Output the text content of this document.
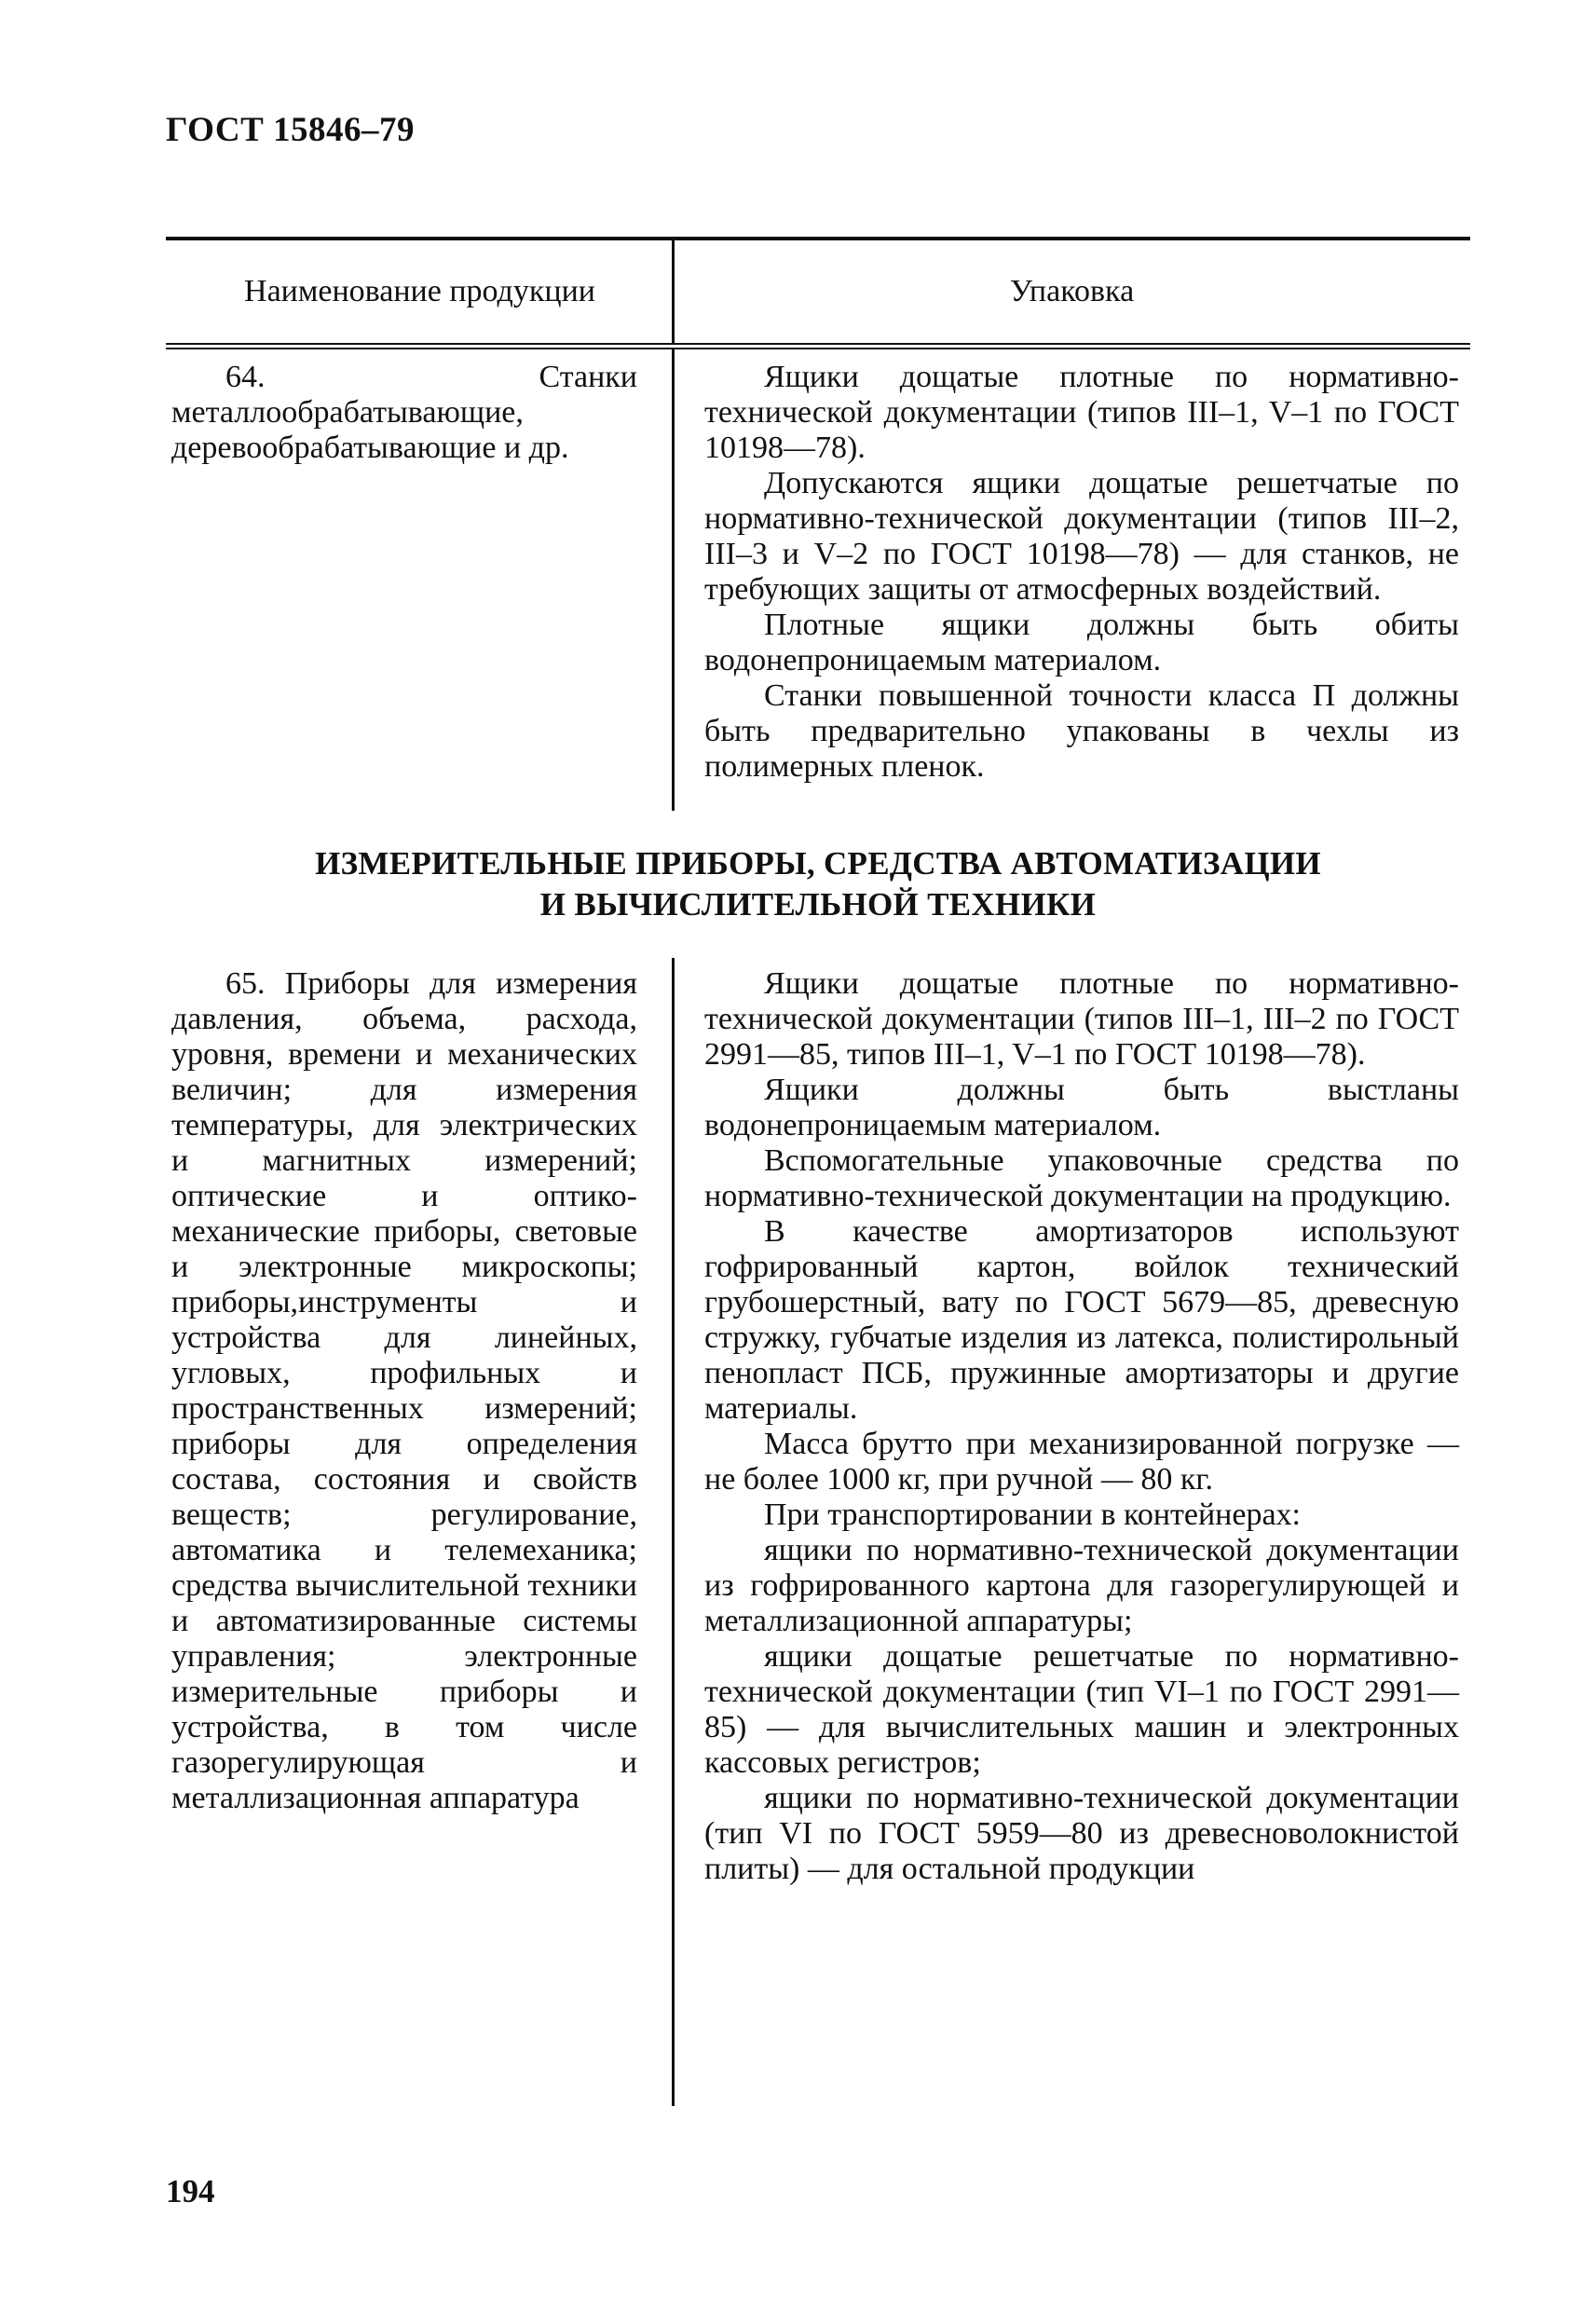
ГОСТ 15846–79
Наименование продукции	Упаковка

64. Станки металлообрабатывающие, деревообрабатывающие и др.

Ящики дощатые плотные по нормативно-технической документации (типов III–1, V–1 по ГОСТ 10198—78).

Допускаются ящики дощатые решетчатые по нормативно-технической документации (типов III–2, III–3 и V–2 по ГОСТ 10198—78) — для станков, не требующих защиты от атмосферных воздействий.

Плотные ящики должны быть обиты водонепроницаемым материалом.

Станки повышенной точности класса П должны быть предварительно упакованы в чехлы из полимерных пленок.

ИЗМЕРИТЕЛЬНЫЕ ПРИБОРЫ, СРЕДСТВА АВТОМАТИЗАЦИИ
И ВЫЧИСЛИТЕЛЬНОЙ ТЕХНИКИ

65. Приборы для измерения давления, объема, расхода, уровня, времени и механических величин; для измерения температуры, для электрических и магнитных измерений; оптические и оптико-механические приборы, световые и электронные микроскопы; приборы,инструменты и устройства для линейных, угловых, профильных и пространственных измерений; приборы для определения состава, состояния и свойств веществ; регулирование, автоматика и телемеханика; средства вычислительной техники и автоматизированные системы управления; электронные измерительные приборы и устройства, в том числе газорегулирующая и металлизационная аппаратура

Ящики дощатые плотные по нормативно-технической документации (типов III–1, III–2 по ГОСТ 2991—85, типов III–1, V–1 по ГОСТ 10198—78).

Ящики должны быть выстланы водонепроницаемым материалом.

Вспомогательные упаковочные средства по нормативно-технической документации на продукцию.

В качестве амортизаторов используют гофрированный картон, войлок технический грубошерстный, вату по ГОСТ 5679—85, древесную стружку, губчатые изделия из латекса, полистирольный пенопласт ПСБ, пружинные амортизаторы и другие материалы.

Масса брутто при механизированной погрузке — не более 1000 кг, при ручной — 80 кг.

При транспортировании в контейнерах:

ящики по нормативно-технической документации из гофрированного картона для газорегулирующей и металлизационной аппаратуры;

ящики дощатые решетчатые по нормативно-технической документации (тип VI–1 по ГОСТ 2991—85) — для вычислительных машин и электронных кассовых регистров;

ящики по нормативно-технической документации (тип VI по ГОСТ 5959—80 из древесноволокнистой плиты) — для остальной продукции

194
